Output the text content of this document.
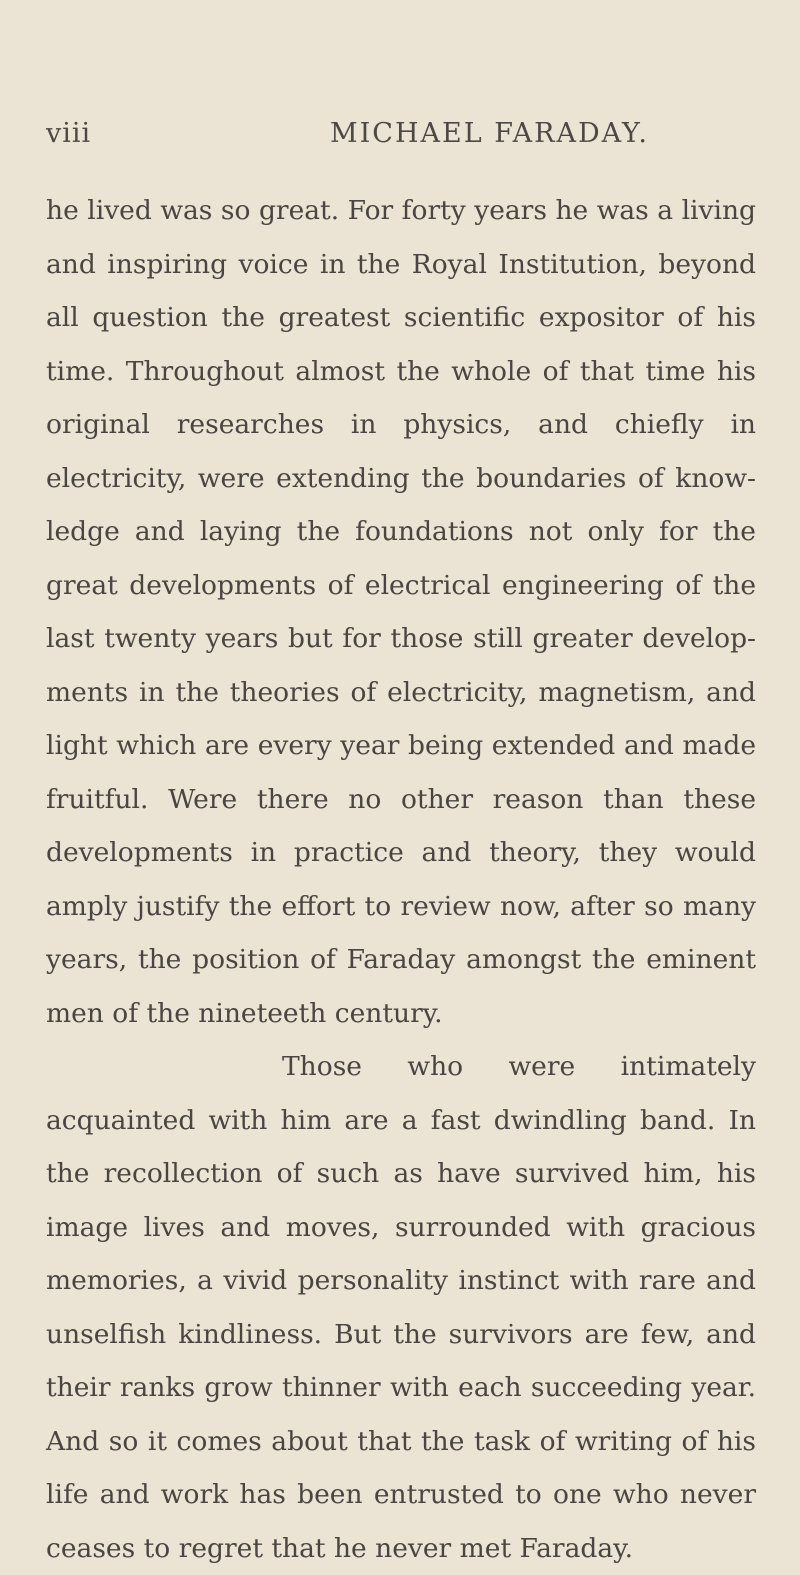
viii	MICHAEL FARADAY.

he lived was so great. For forty years he was a living and inspiring voice in the Royal Institution, beyond all question the greatest scientific expositor of his time. Throughout almost the whole of that time his original researches in physics, and chiefly in electricity, were extending the boundaries of know-ledge and laying the foundations not only for the great developments of electrical engineering of the last twenty years but for those still greater develop-ments in the theories of electricity, magnetism, and light which are every year being extended and made fruitful. Were there no other reason than these developments in practice and theory, they would amply justify the effort to review now, after so many years, the position of Faraday amongst the eminent men of the nineteeth century.

Those who were intimately acquainted with him are a fast dwindling band. In the recollection of such as have survived him, his image lives and moves, surrounded with gracious memories, a vivid personality instinct with rare and unselfish kindliness. But the survivors are few, and their ranks grow thinner with each succeeding year. And so it comes about that the task of writing of his life and work has been entrusted to one who never ceases to regret that he never met Faraday.
